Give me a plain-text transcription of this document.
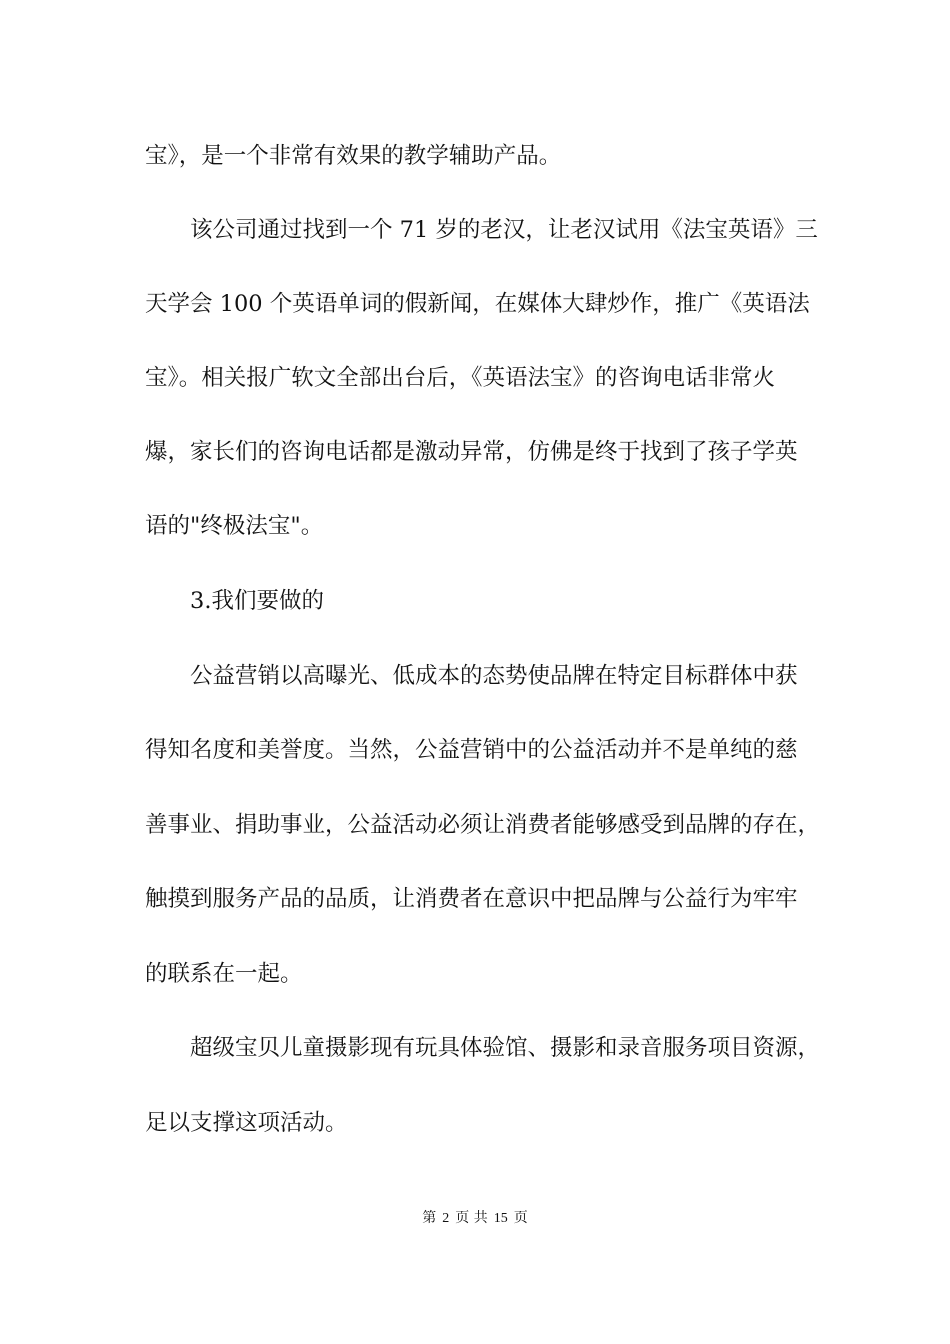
宝》，是一个非常有效果的教学辅助产品。
该公司通过找到一个 71 岁的老汉，让老汉试用《法宝英语》三
天学会 100 个英语单词的假新闻，在媒体大肆炒作，推广《英语法
宝》。相关报广软文全部出台后，《英语法宝》的咨询电话非常火
爆，家长们的咨询电话都是激动异常，仿佛是终于找到了孩子学英
语的"终极法宝"。
3.我们要做的
公益营销以高曝光、低成本的态势使品牌在特定目标群体中获
得知名度和美誉度。当然，公益营销中的公益活动并不是单纯的慈
善事业、捐助事业，公益活动必须让消费者能够感受到品牌的存在，
触摸到服务产品的品质，让消费者在意识中把品牌与公益行为牢牢
的联系在一起。
超级宝贝儿童摄影现有玩具体验馆、摄影和录音服务项目资源，
足以支撑这项活动。
第 2 页 共 15 页
